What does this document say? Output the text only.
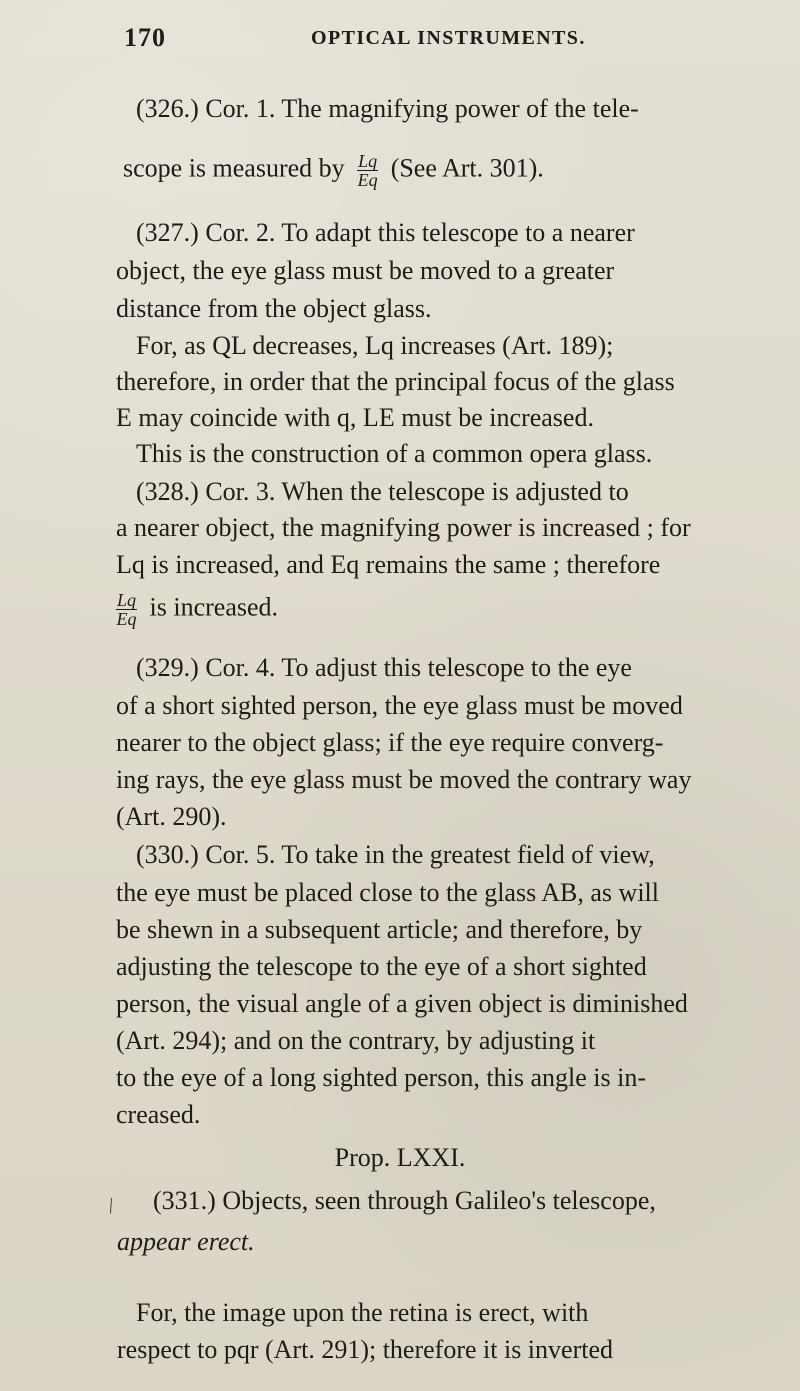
170	OPTICAL INSTRUMENTS.
(326.) Cor. 1. The magnifying power of the tele-
scope is measured by $\frac{Lq}{Eq} (See$ Art. 301).
(327.) Cor. 2. To adapt this telescope to a nearer
object, the eye glass must be moved to a greater
distance from the object glass.
For, as QL decreases, Lq increases (Art. 189);
therefore, in order that the principal focus of the glass
E may coincide with q, LE must be increased.
This is the construction of a common opera glass.
(328.) Cor. 3. When the telescope is adjusted to
a nearer object, the magnifying power is increased ; for
Lq is increased, and Eq remains the same ; therefore
$\frac{Lq}{Eq}$ is increased.
(329.) Cor. 4. To adjust this telescope to the eye
of a short sighted person, the eye glass must be moved
nearer to the object glass; if the eye require converg-
ing rays, the eye glass must be moved the contrary way
(Art. 290).
(330.) Cor. 5. To take in the greatest field of view,
the eye must be placed close to the glass AB, as will
be shewn in a subsequent article; and therefore, by
adjusting the telescope to the eye of a short sighted
person, the visual angle of a given object is diminished
(Art. 294); and on the contrary, by adjusting it
to the eye of a long sighted person, this angle is in-
creased.
Prop. LXXI.
/ (331.) Objects, seen through Galileo's telescope,
appear erect.
For, the image upon the retina is erect, with
respect to pqr (Art. 291); therefore it is inverted
